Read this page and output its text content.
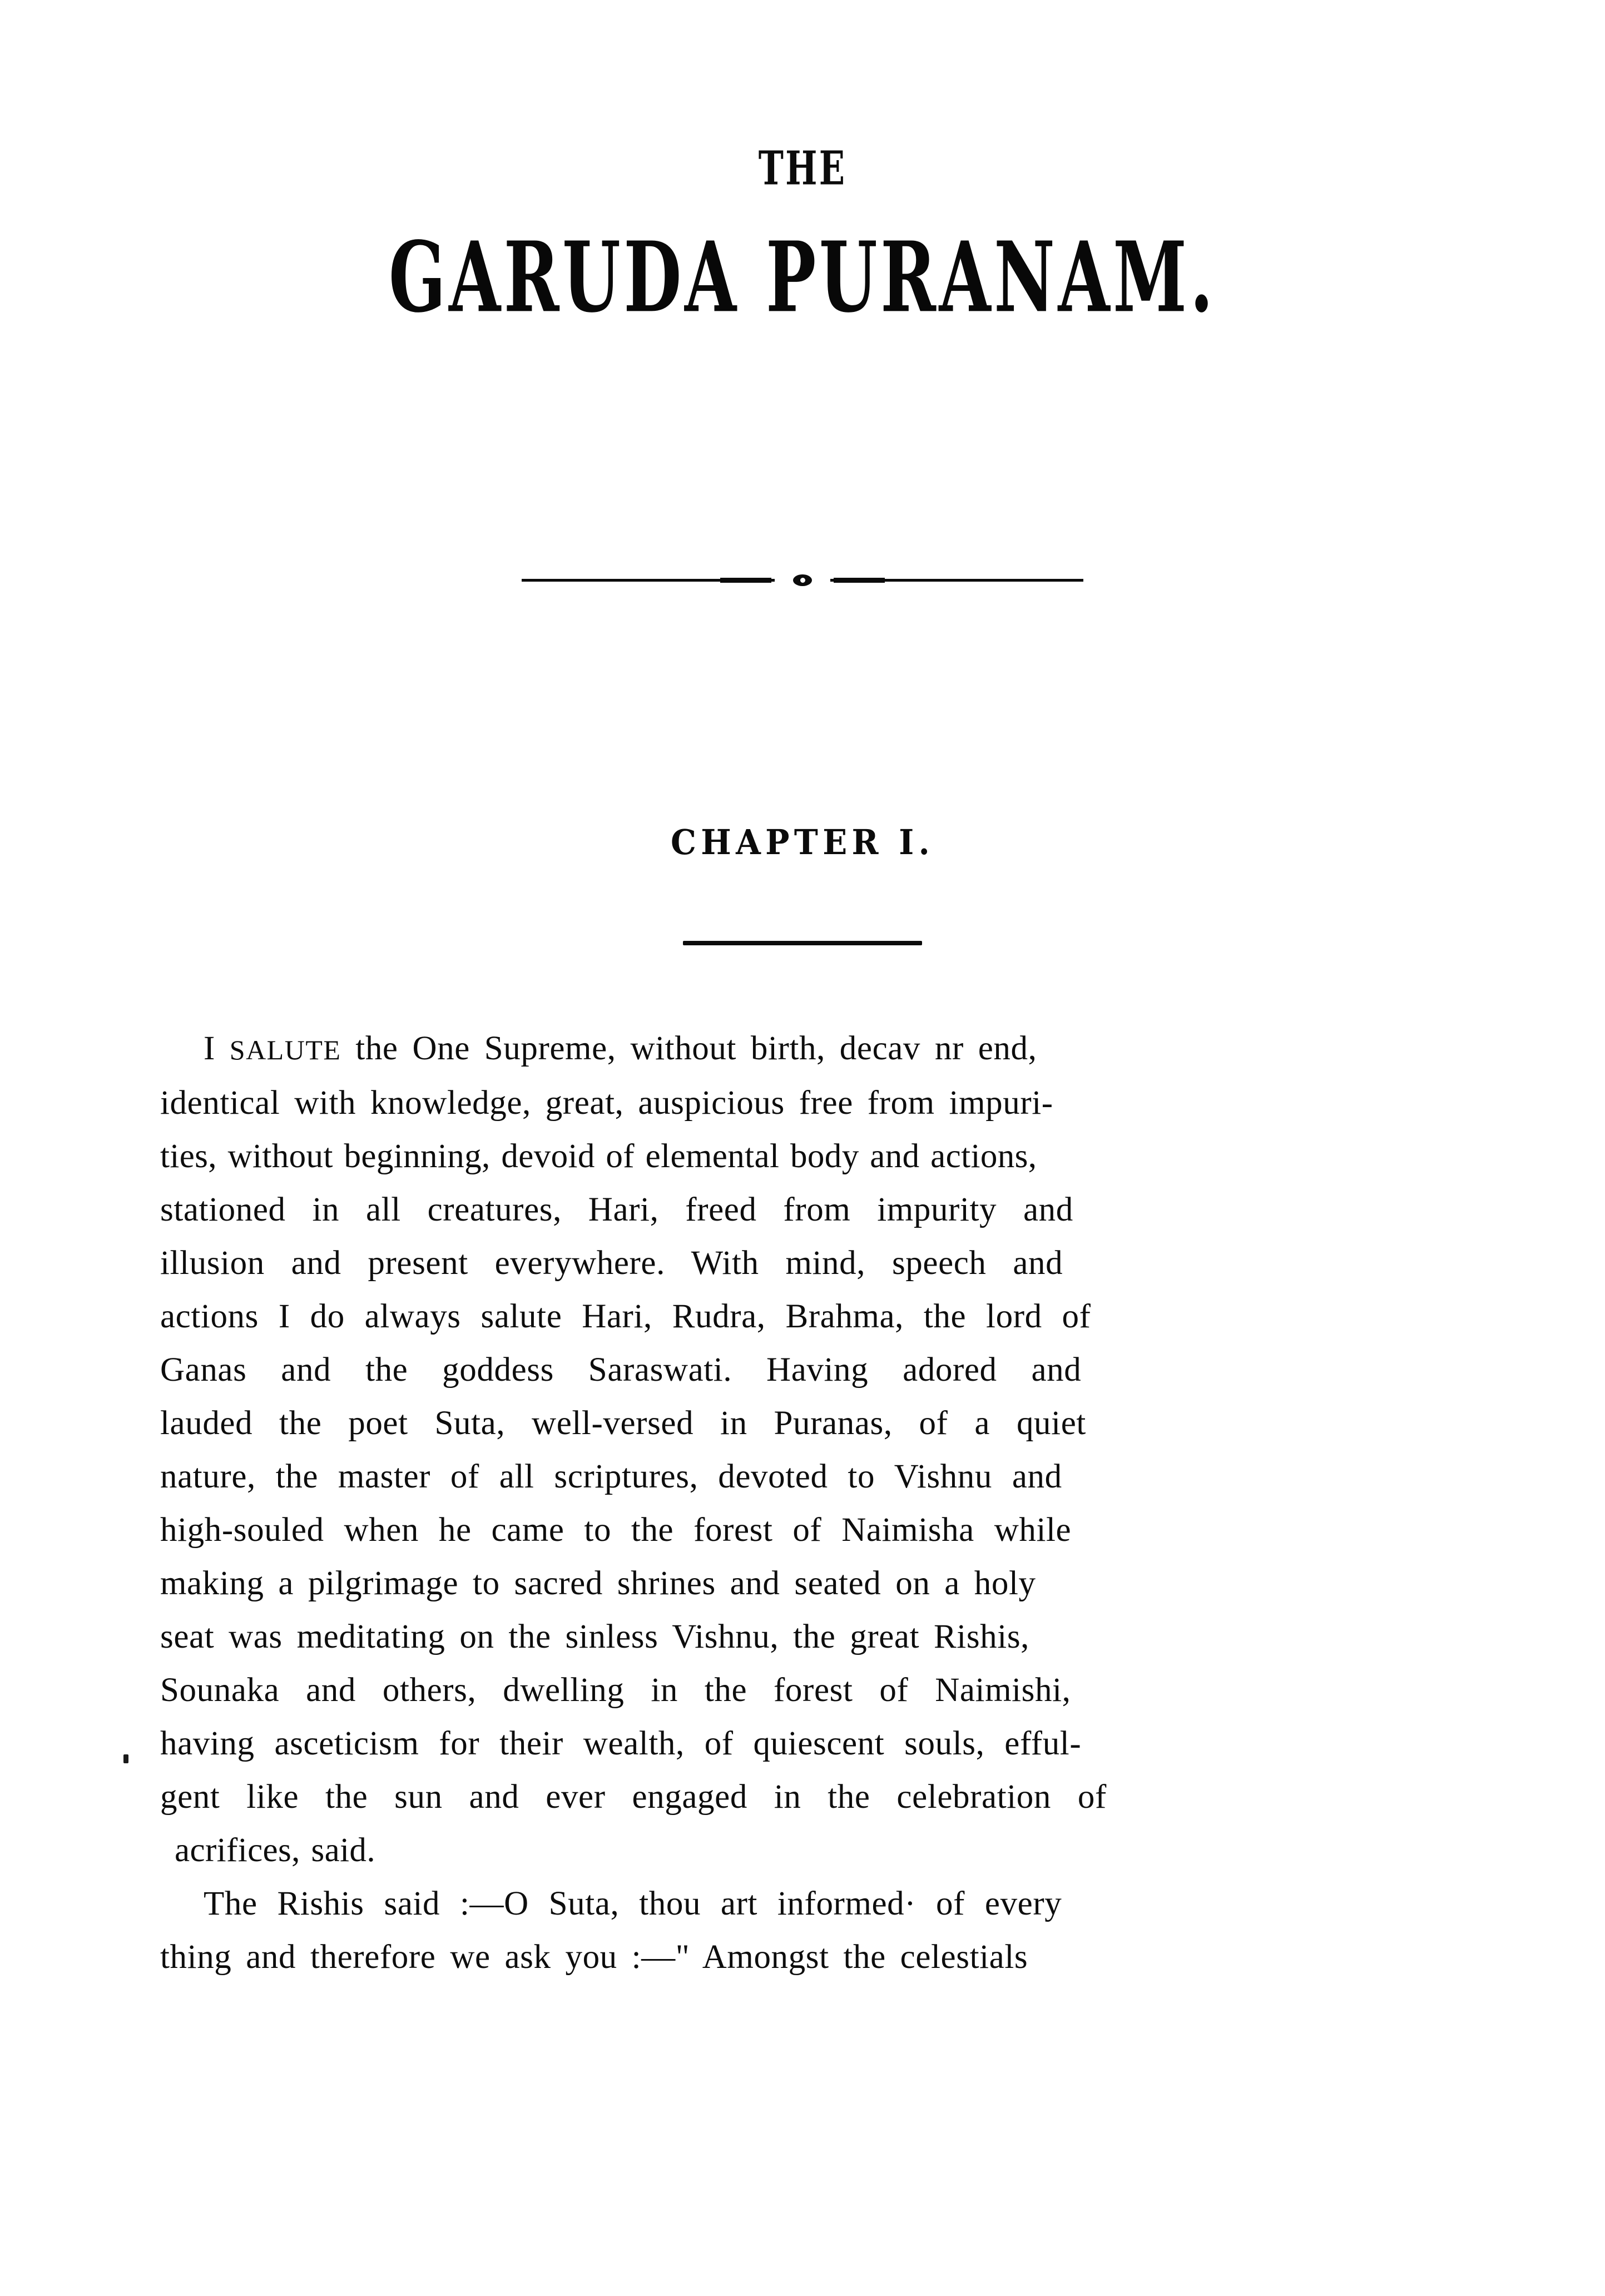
THE
GARUDA PURANAM.
CHAPTER I.
I SALUTE the One Supreme, without birth, decav nr end,
identical with knowledge, great, auspicious free from impuri-
ties, without beginning, devoid of elemental body and actions,
stationed in all creatures, Hari, freed from impurity and
illusion and present everywhere. With mind, speech and
actions I do always salute Hari, Rudra, Brahma, the lord of
Ganas and the goddess Saraswati. Having adored and
lauded the poet Suta, well-versed in Puranas, of a quiet
nature, the master of all scriptures, devoted to Vishnu and
high-souled when he came to the forest of Naimisha while
making a pilgrimage to sacred shrines and seated on a holy
seat was meditating on the sinless Vishnu, the great Rishis,
Sounaka and others, dwelling in the forest of Naimishi,
having asceticism for their wealth, of quiescent souls, efful-
gent like the sun and ever engaged in the celebration of
acrifices, said.
The Rishis said :—O Suta, thou art informed· of every
thing and therefore we ask you :—" Amongst the celestials
